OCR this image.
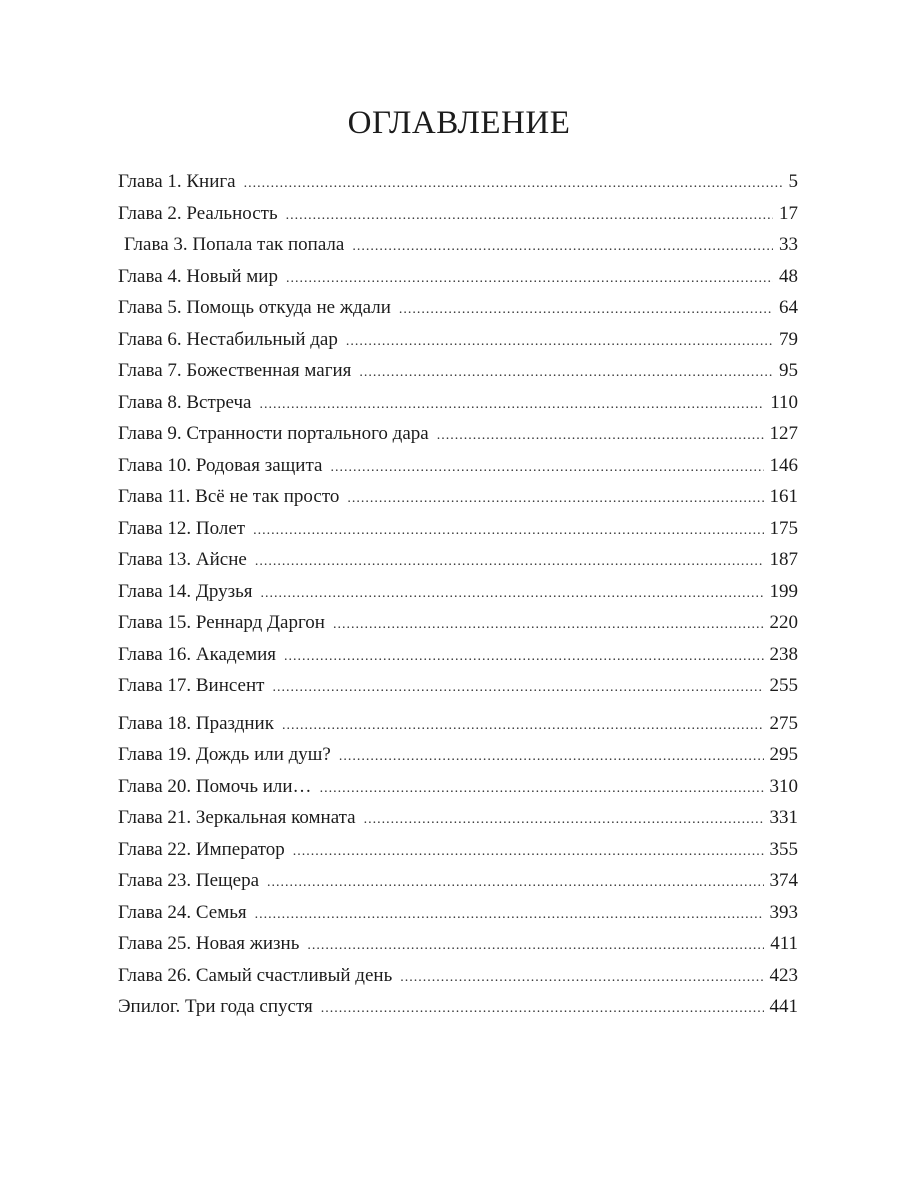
ОГЛАВЛЕНИЕ
Глава 1. Книга .....	5
Глава 2. Реальность .....	17
Глава 3. Попала так попала .....	33
Глава 4. Новый мир .....	48
Глава 5. Помощь откуда не ждали .....	64
Глава 6. Нестабильный дар .....	79
Глава 7. Божественная магия .....	95
Глава 8. Встреча .....	110
Глава 9. Странности портального дара .....	127
Глава 10. Родовая защита .....	146
Глава 11. Всё не так просто .....	161
Глава 12. Полет .....	175
Глава 13. Айсне .....	187
Глава 14. Друзья .....	199
Глава 15. Реннард Даргон .....	220
Глава 16. Академия .....	238
Глава 17. Винсент .....	255
Глава 18. Праздник .....	275
Глава 19. Дождь или душ? .....	295
Глава 20. Помочь или… .....	310
Глава 21. Зеркальная комната .....	331
Глава 22. Император .....	355
Глава 23. Пещера .....	374
Глава 24. Семья .....	393
Глава 25. Новая жизнь .....	411
Глава 26. Самый счастливый день .....	423
Эпилог. Три года спустя .....	441
